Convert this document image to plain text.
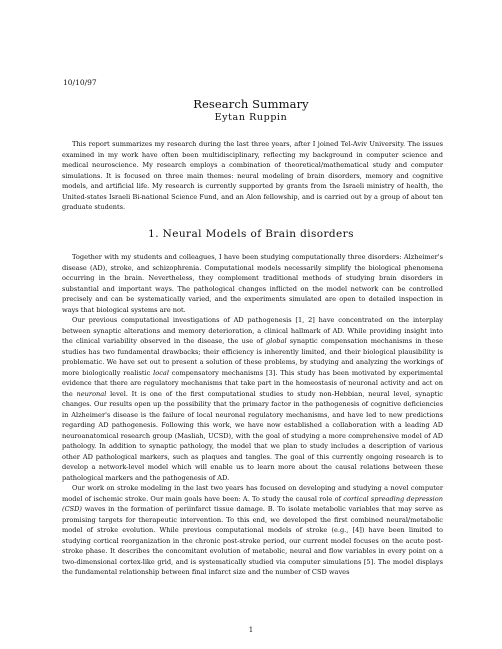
10/10/97
Research Summary
Eytan Ruppin

This report summarizes my research during the last three years, after I joined Tel-Aviv University. The issues examined in my work have often been multidisciplinary, reflecting my background in computer science and medical neuroscience. My research employs a combination of theoretical/mathematical study and computer simulations. It is focused on three main themes: neural modeling of brain disorders, memory and cognitive models, and artificial life. My research is currently supported by grants from the Israeli ministry of health, the United-states Israeli Bi-national Science Fund, and an Alon fellowship, and is carried out by a group of about ten graduate students.

1. Neural Models of Brain disorders

Together with my students and colleagues, I have been studying computationally three disorders: Alzheimer's disease (AD), stroke, and schizophrenia. Computational models necessarily simplify the biological phenomena occurring in the brain. Nevertheless, they complement traditional methods of studying brain disorders in substantial and important ways. The pathological changes inflicted on the model network can be controlled precisely and can be systematically varied, and the experiments simulated are open to detailed inspection in ways that biological systems are not.

Our previous computational investigations of AD pathogenesis [1, 2] have concentrated on the interplay between synaptic alterations and memory deterioration, a clinical hallmark of AD. While providing insight into the clinical variability observed in the disease, the use of global synaptic compensation mechanisms in these studies has two fundamental drawbacks; their efficiency is inherently limited, and their biological plausibility is problematic. We have set out to present a solution of these problems, by studying and analyzing the workings of more biologically realistic local compensatory mechanisms [3]. This study has been motivated by experimental evidence that there are regulatory mechanisms that take part in the homeostasis of neuronal activity and act on the neuronal level. It is one of the first computational studies to study non-Hebbian, neural level, synaptic changes. Our results open up the possibility that the primary factor in the pathogenesis of cognitive deficiencies in Alzheimer's disease is the failure of local neuronal regulatory mechanisms, and have led to new predictions regarding AD pathogenesis. Following this work, we have now established a collaboration with a leading AD neuroanatomical research group (Masliah, UCSD), with the goal of studying a more comprehensive model of AD pathology. In addition to synaptic pathology, the model that we plan to study includes a description of various other AD pathological markers, such as plaques and tangles. The goal of this currently ongoing research is to develop a network-level model which will enable us to learn more about the causal relations between these pathological markers and the pathogenesis of AD.

Our work on stroke modeling in the last two years has focused on developing and studying a novel computer model of ischemic stroke. Our main goals have been: A. To study the causal role of cortical spreading depression (CSD) waves in the formation of periinfarct tissue damage. B. To isolate metabolic variables that may serve as promising targets for therapeutic intervention. To this end, we developed the first combined neural/metabolic model of stroke evolution. While previous computational models of stroke (e.g., [4]) have been limited to studying cortical reorganization in the chronic post-stroke period, our current model focuses on the acute post-stroke phase. It describes the concomitant evolution of metabolic, neural and flow variables in every point on a two-dimensional cortex-like grid, and is systematically studied via computer simulations [5]. The model displays the fundamental relationship between final infarct size and the number of CSD waves

1
